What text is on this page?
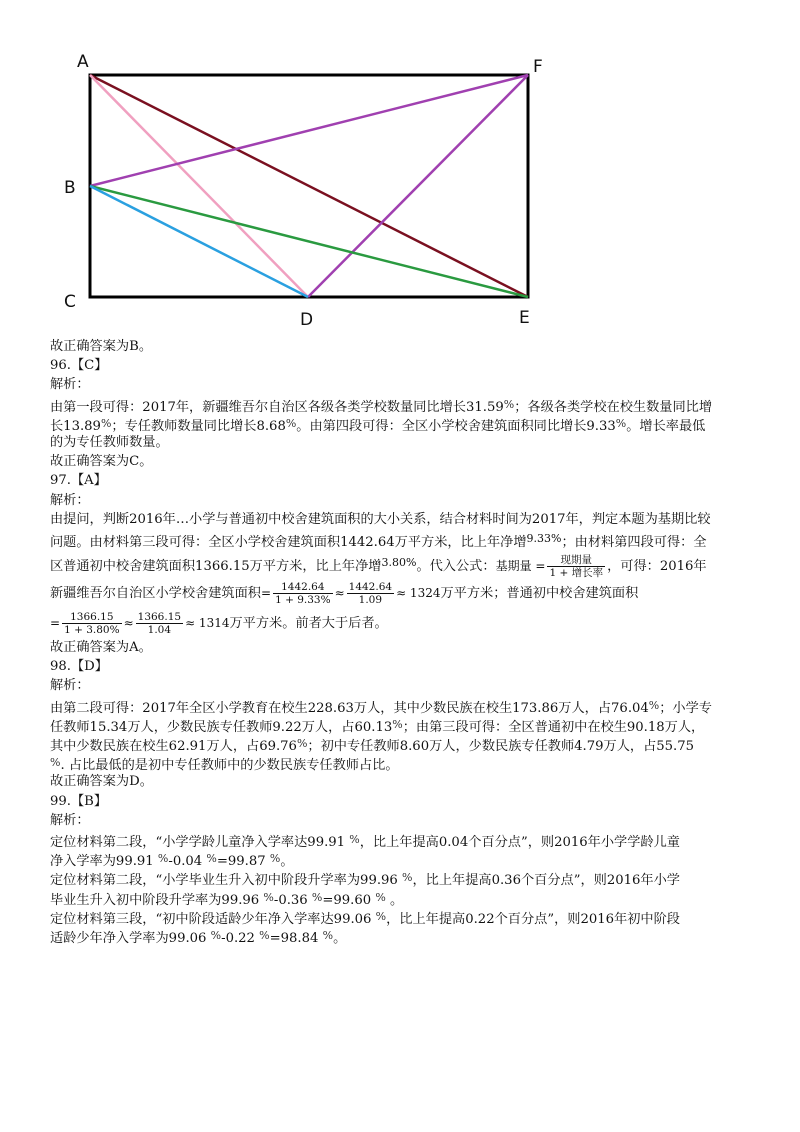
A
B
C
D	E
F
故正确答案为B。
96.【C】
解析：
由第一段可得：2017年，新疆维吾尔自治区各级各类学校数量同比增长31.59%；各级各类学校在校生数量同比增
长13.89%；专任教师数量同比增长8.68%。由第四段可得：全区小学校舍建筑面积同比增长9.33%。增长率最低
的为专任教师数量。
故正确答案为C。
97.【A】
解析：
由提问，判断2016年…小学与普通初中校舍建筑面积的大小关系，结合材料时间为2017年，判定本题为基期比较
问题。由材料第三段可得：全区小学校舍建筑面积1442.64万平方米，比上年净增$^{9.33\%}$；由材料第四段可得：全
区普通初中校舍建筑面积1366.15万平方米，比上年净增$^{3.80\%}$。代入公式：基期量 = $\frac{\text{现期量}}{\text{1 + 增长率}}$ ，可得：2016年
新疆维吾尔自治区小学校舍建筑面积= $\frac{1442.64}{1 + 9.33\%} \approx \frac{1442.64}{1.09} \approx 1324$万平方米；普通初中校舍建筑面积
= $\frac{1366.15}{1 + 3.80\%} \approx \frac{1366.15}{1.04} \approx 1314$万平方米。前者大于后者。
故正确答案为A。
98.【D】
解析：
由第二段可得：2017年全区小学教育在校生228.63万人，其中少数民族在校生173.86万人，占76.04%；小学专
任教师15.34万人，少数民族专任教师9.22万人，占60.13%；由第三段可得：全区普通初中在校生90.18万人，
其中少数民族在校生62.91万人，占69.76%；初中专任教师8.60万人，少数民族专任教师4.79万人，占55.75
%. 占比最低的是初中专任教师中的少数民族专任教师占比。
故正确答案为D。
99.【B】
解析：
定位材料第二段，“小学学龄儿童净入学率达99.91 %，比上年提高0.04个百分点”，则2016年小学学龄儿童
净入学率为99.91 %-0.04 %=99.87 %。
定位材料第二段，“小学毕业生升入初中阶段升学率为99.96 %，比上年提高0.36个百分点”，则2016年小学
毕业生升入初中阶段升学率为99.96 %-0.36 %=99.60 % 。
定位材料第三段，“初中阶段适龄少年净入学率达99.06 %，比上年提高0.22个百分点”，则2016年初中阶段
适龄少年净入学率为99.06 %-0.22 %=98.84 %。
